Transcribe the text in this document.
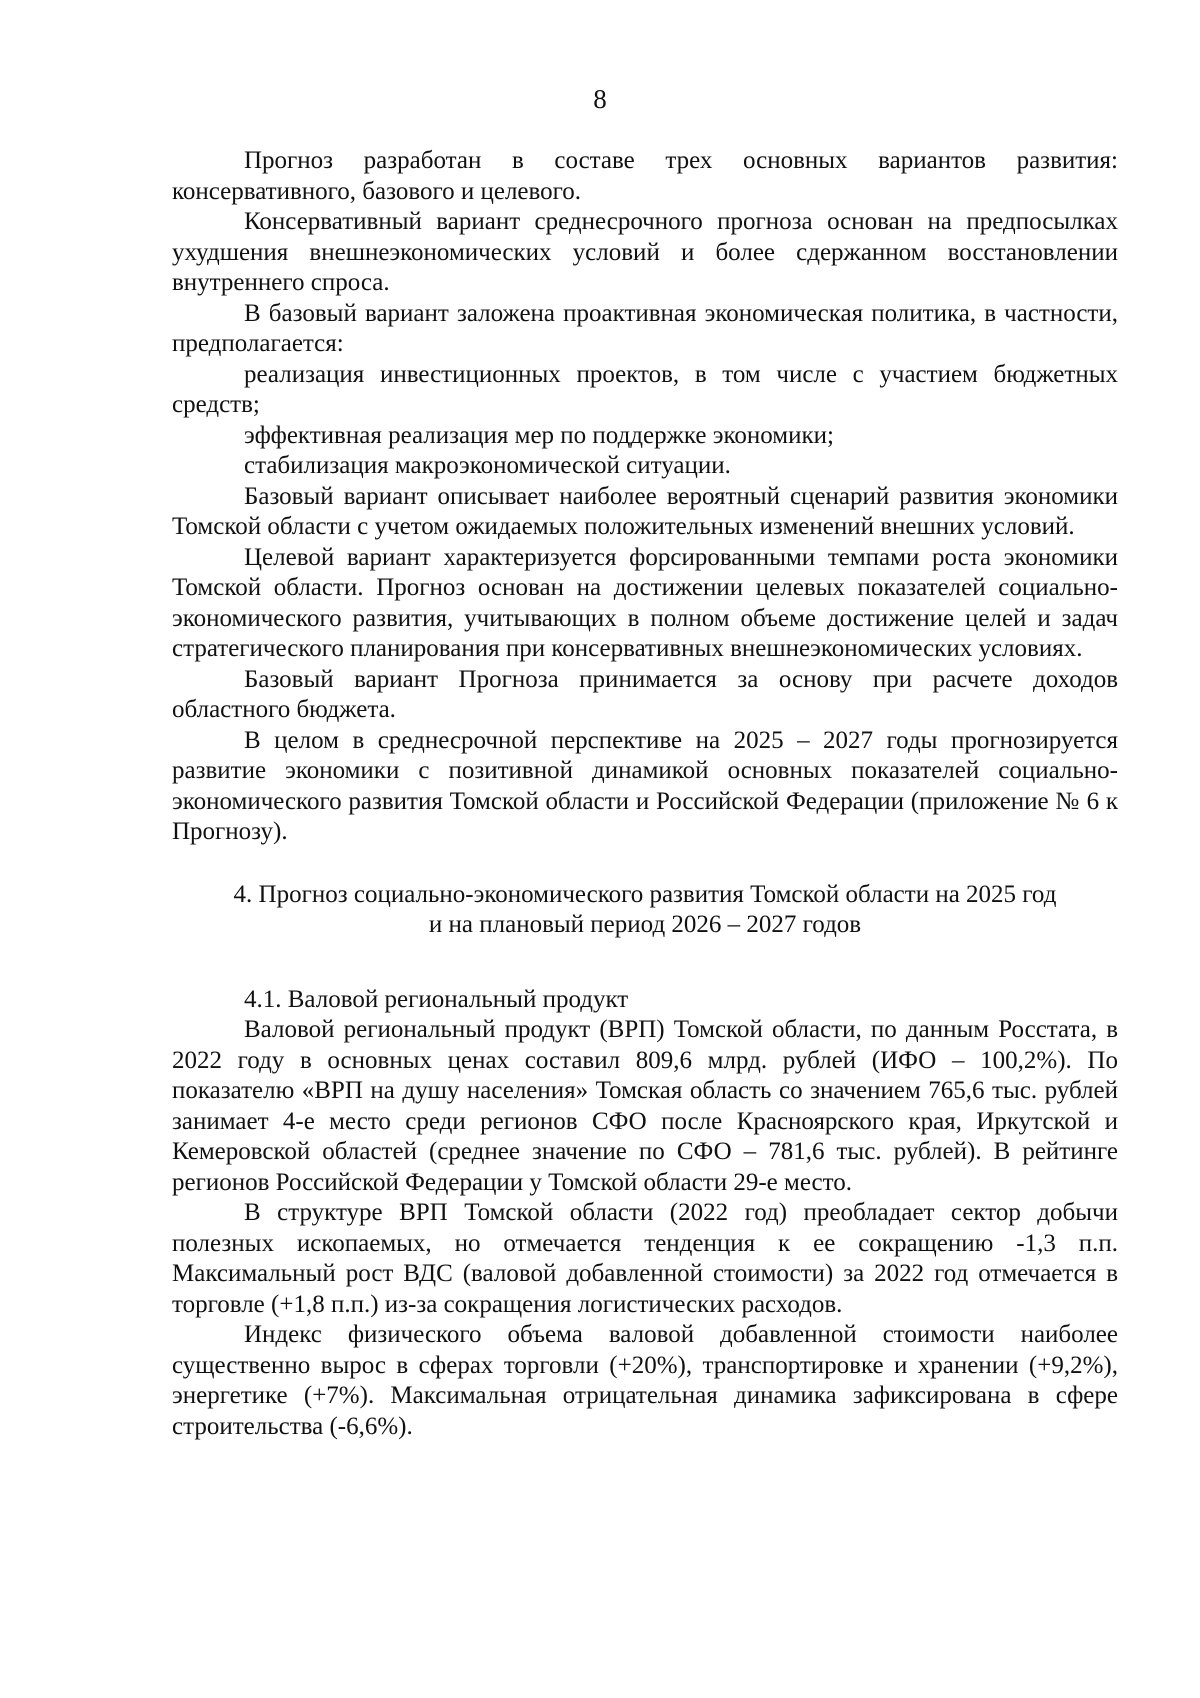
8

Прогноз разработан в составе трех основных вариантов развития: консервативного, базового и целевого.

Консервативный вариант среднесрочного прогноза основан на предпосылках ухудшения внешнеэкономических условий и более сдержанном восстановлении внутреннего спроса.

В базовый вариант заложена проактивная экономическая политика, в частности, предполагается:

реализация инвестиционных проектов, в том числе с участием бюджетных средств;

эффективная реализация мер по поддержке экономики;

стабилизация макроэкономической ситуации.

Базовый вариант описывает наиболее вероятный сценарий развития экономики Томской области с учетом ожидаемых положительных изменений внешних условий.

Целевой вариант характеризуется форсированными темпами роста экономики Томской области. Прогноз основан на достижении целевых показателей социально-экономического развития, учитывающих в полном объеме достижение целей и задач стратегического планирования при консервативных внешнеэкономических условиях.

Базовый вариант Прогноза принимается за основу при расчете доходов областного бюджета.

В целом в среднесрочной перспективе на 2025 – 2027 годы прогнозируется развитие экономики с позитивной динамикой основных показателей социально-экономического развития Томской области и Российской Федерации (приложение № 6 к Прогнозу).

4. Прогноз социально-экономического развития Томской области на 2025 год
и на плановый период 2026 – 2027 годов

4.1. Валовой региональный продукт

Валовой региональный продукт (ВРП) Томской области, по данным Росстата, в 2022 году в основных ценах составил 809,6 млрд. рублей (ИФО – 100,2%). По показателю «ВРП на душу населения» Томская область со значением 765,6 тыс. рублей занимает 4-е место среди регионов СФО после Красноярского края, Иркутской и Кемеровской областей (среднее значение по СФО – 781,6 тыс. рублей). В рейтинге регионов Российской Федерации у Томской области 29-е место.

В структуре ВРП Томской области (2022 год) преобладает сектор добычи полезных ископаемых, но отмечается тенденция к ее сокращению -1,3 п.п. Максимальный рост ВДС (валовой добавленной стоимости) за 2022 год отмечается в торговле (+1,8 п.п.) из-за сокращения логистических расходов.

Индекс физического объема валовой добавленной стоимости наиболее существенно вырос в сферах торговли (+20%), транспортировке и хранении (+9,2%), энергетике (+7%). Максимальная отрицательная динамика зафиксирована в сфере строительства (-6,6%).
